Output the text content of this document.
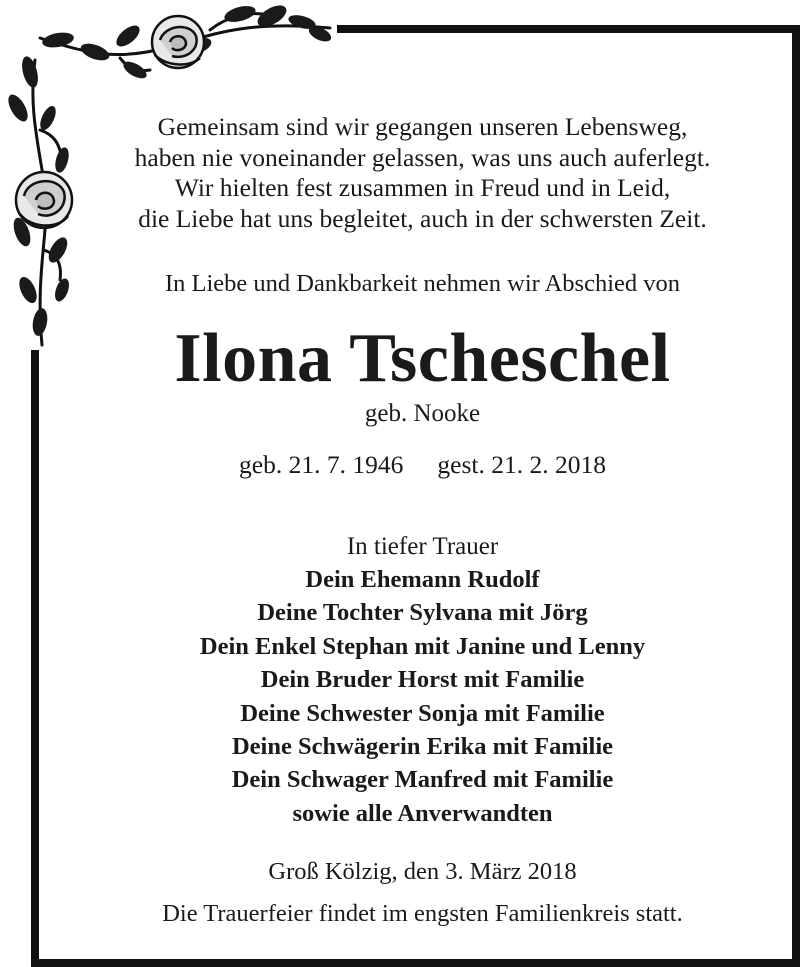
Gemeinsam sind wir gegangen unseren Lebensweg,
haben nie voneinander gelassen, was uns auch auferlegt.
Wir hielten fest zusammen in Freud und in Leid,
die Liebe hat uns begleitet, auch in der schwersten Zeit.
In Liebe und Dankbarkeit nehmen wir Abschied von
Ilona Tscheschel
geb. Nooke
geb. 21. 7. 1946 gest. 21. 2. 2018
In tiefer Trauer
Dein Ehemann Rudolf
Deine Tochter Sylvana mit Jörg
Dein Enkel Stephan mit Janine und Lenny
Dein Bruder Horst mit Familie
Deine Schwester Sonja mit Familie
Deine Schwägerin Erika mit Familie
Dein Schwager Manfred mit Familie
sowie alle Anverwandten
Groß Kölzig, den 3. März 2018
Die Trauerfeier findet im engsten Familienkreis statt.
